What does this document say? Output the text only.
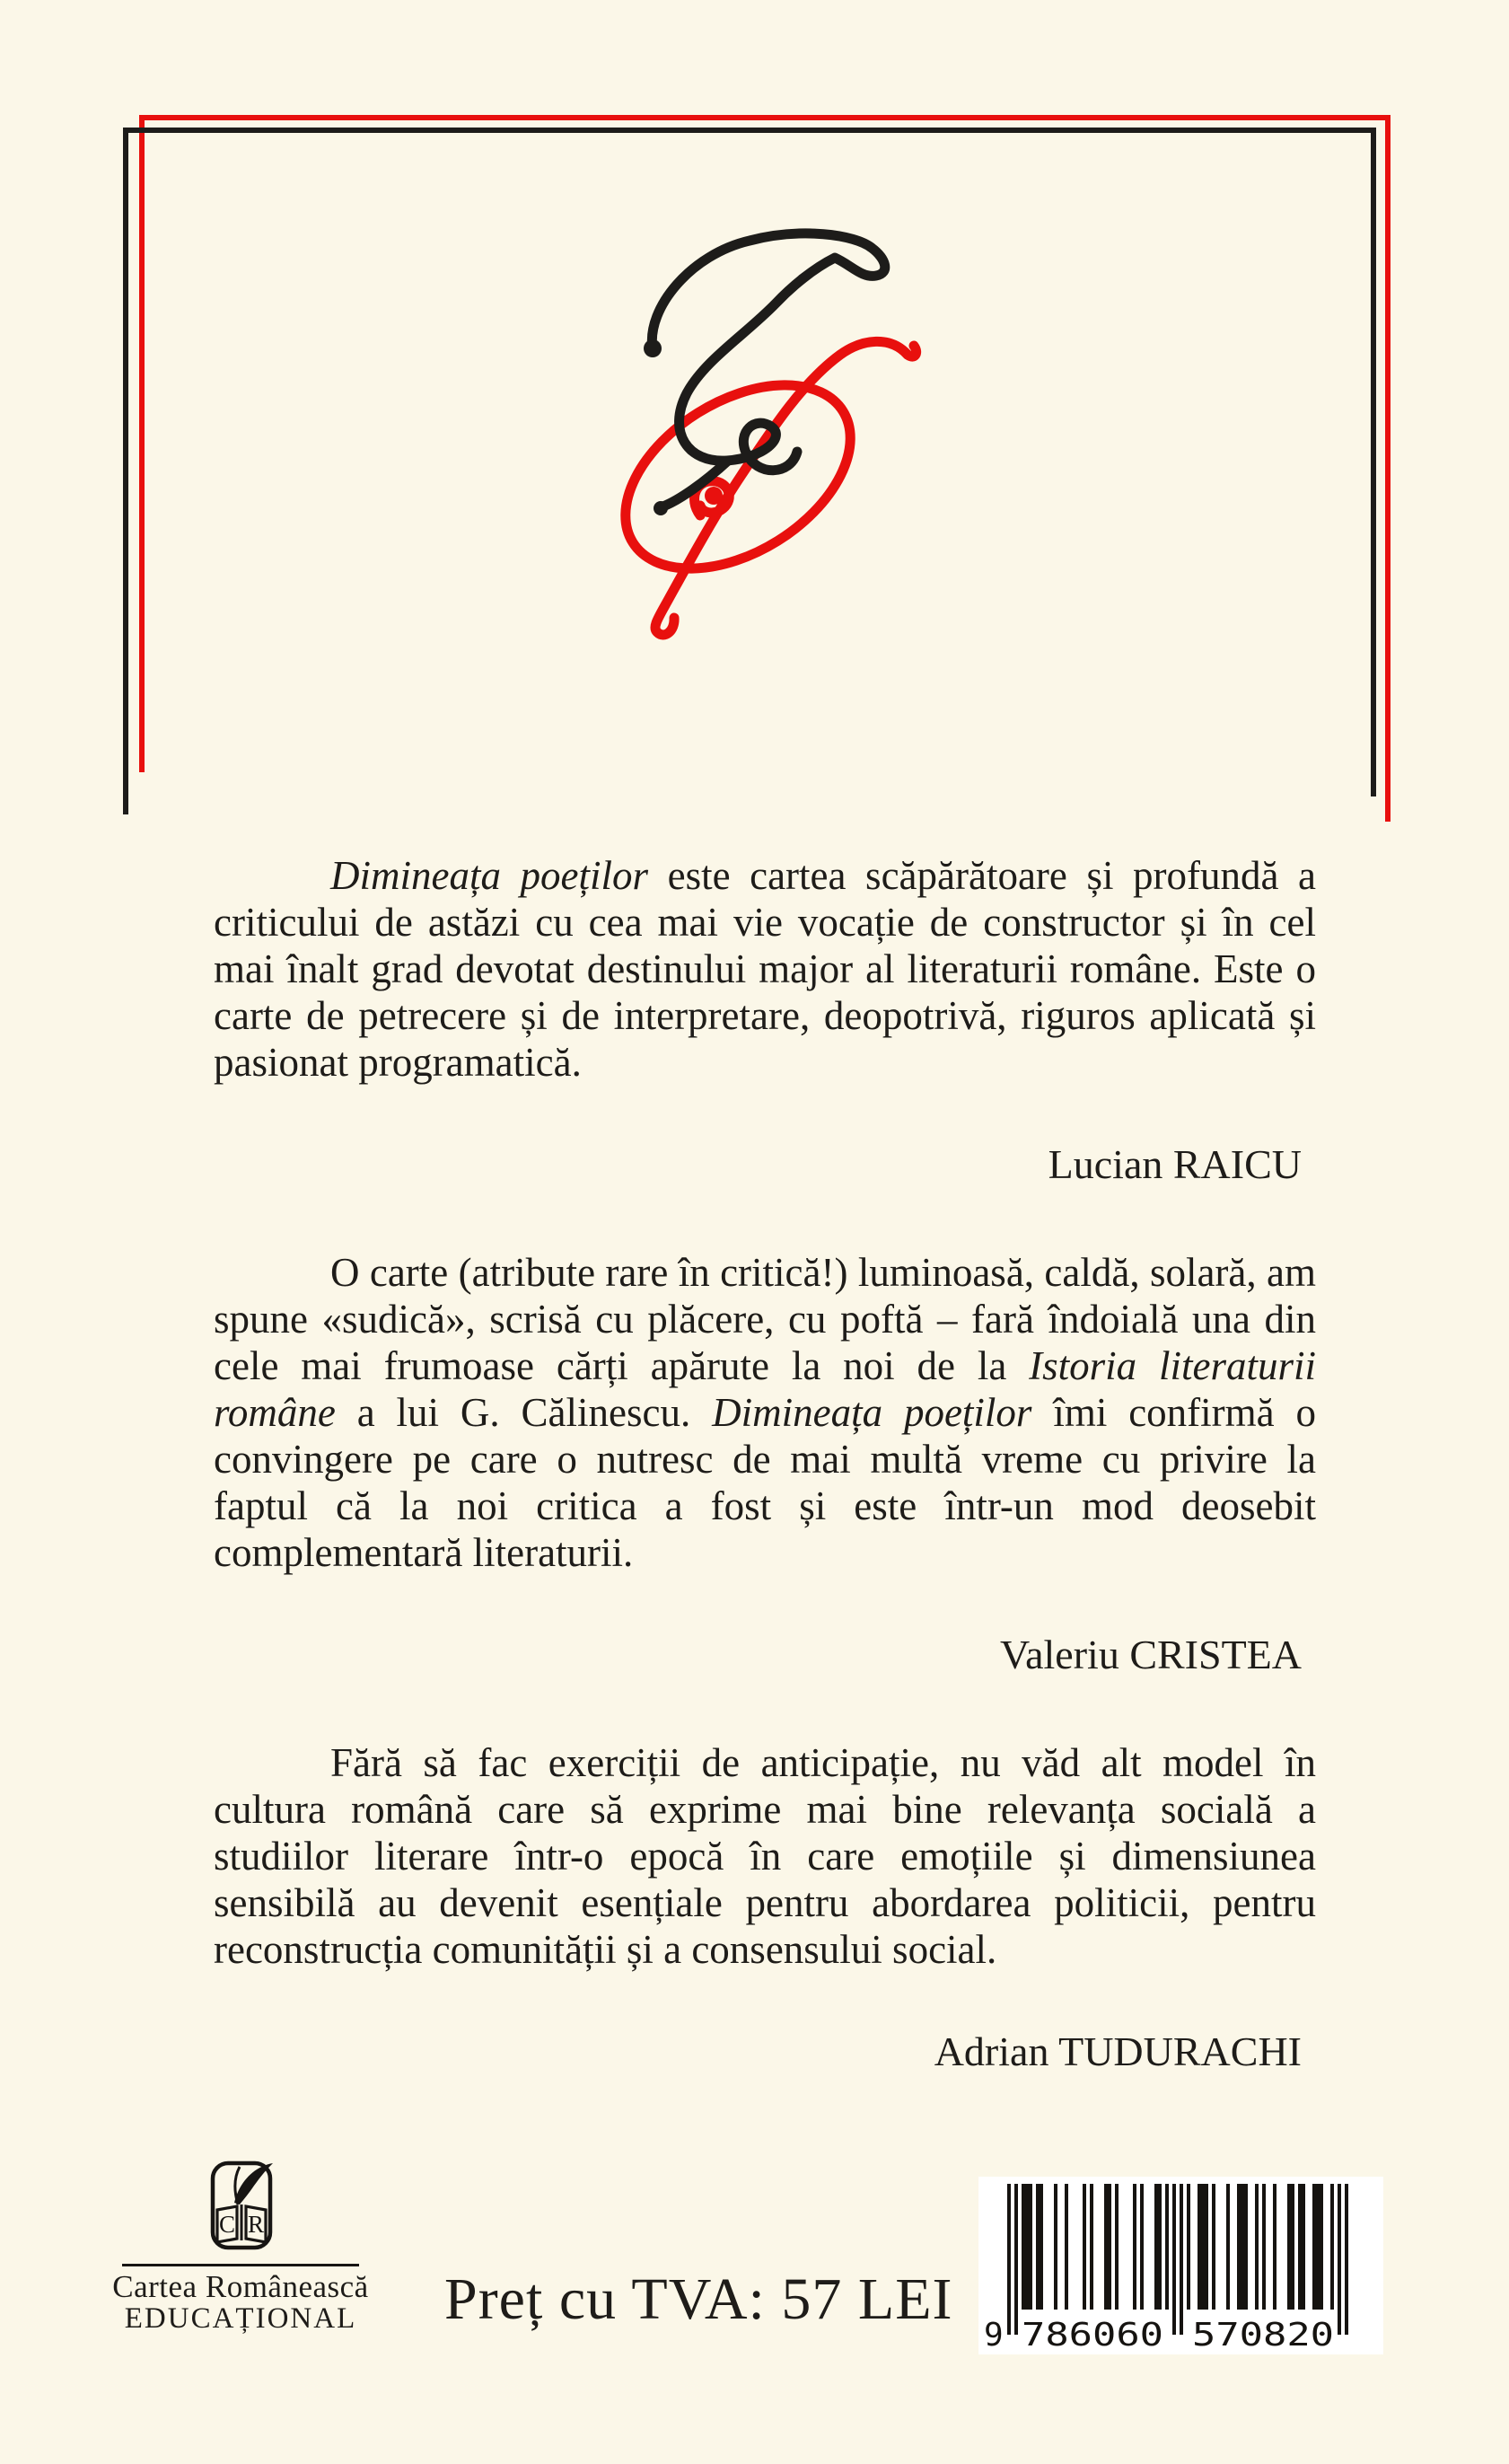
Dimineața poeților este cartea scăpărătoare și profundă a criticului de astăzi cu cea mai vie vocație de constructor și în cel mai înalt grad devotat destinului major al literaturii române. Este o carte de petrecere și de interpretare, deopotrivă, riguros aplicată și pasionat programatică.

Lucian RAICU

O carte (atribute rare în critică!) luminoasă, caldă, solară, am spune «sudică», scrisă cu plăcere, cu poftă – fară îndoială una din cele mai frumoase cărți apărute la noi de la Istoria literaturii române a lui G. Călinescu. Dimineața poeților îmi confirmă o convingere pe care o nutresc de mai multă vreme cu privire la faptul că la noi critica a fost și este într-un mod deosebit complementară literaturii.

Valeriu CRISTEA

Fără să fac exerciții de anticipație, nu văd alt model în cultura română care să exprime mai bine relevanța socială a studiilor literare într-o epocă în care emoțiile și dimensiunea sensibilă au devenit esențiale pentru abordarea politicii, pentru reconstrucția comunității și a consensului social.

Adrian TUDURACHI
C R
Cartea Românească
EDUCAȚIONAL	Preț cu TVA: 57 LEI
9 786060 570820
